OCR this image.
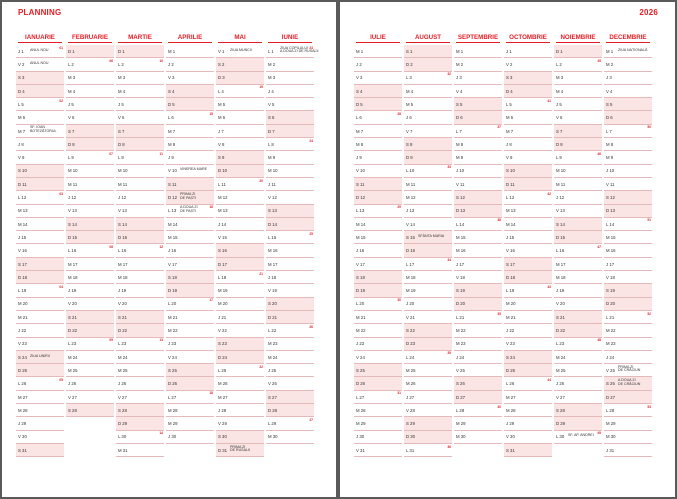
PLANNING
IANUARIE
J 1 ANUL NOU
01
V 2 ANUL NOU
S 3
D 4
L 5
02
M 6
M 7
SF. IOAN
BOTEZĂTORUL
J 8
V 9
S 10
D 11
L 12
03
M 13
M 14
J 15
V 16
S 17
D 18
L 19
04
M 20
M 21
J 22
V 23
S 24 ZIUA UNIRII
D 25
L 26
05
M 27
M 28
J 29
V 30
S 31
FEBRUARIE
D 1
L 2
06
M 3
M 4
J 5
V 6
S 7
D 8
L 9
07
M 10
M 11
J 12
V 13
S 14
D 15
L 16
08
M 17
M 18
J 19
V 20
S 21
D 22
L 23
09
M 24
M 25
J 26
V 27
S 28
MARTIE
D 1
L 2
10
M 3
M 4
J 5
V 6
S 7
D 8
L 9
11
M 10
M 11
J 12
V 13
S 14
D 15
L 16
12
M 17
M 18
J 19
V 20
S 21
D 22
L 23
13
M 24
M 25
J 26
V 27
S 28
D 29
L 30
14
M 31
APRILIE
M 1
J 2
V 3
S 4
D 5
L 6
15
M 7
M 8
J 9
V 10 VINEREA MARE
S 11
D 12
PRIMA ZI
DE PAȘTI
L 13
A DOUA ZI
DE PAȘTI
16
M 14
M 15
J 16
V 17
S 18
D 19
L 20
17
M 21
M 22
J 23
V 24
S 25
D 26
L 27
18
M 28
M 29
J 30
MAI
V 1 ZIUA MUNCII
S 2
D 3
L 4
19
M 5
M 6
J 7
V 8
S 9
D 10
L 11
20
M 12
M 13
J 14
V 15
S 16
D 17
L 18
21
M 19
M 20
J 21
V 22
S 23
D 24
L 25
22
M 26
M 27
J 28
V 29
S 30
D 31
PRIMA ZI
DE RUSALII
IUNIE
L 1
ZIUA COPILULUI
A DOUA ZI DE RUSALII
23
M 2
M 3
J 4
V 5
S 6
D 7
L 8
24
M 9
M 10
J 11
V 12
S 13
D 14
L 15
25
M 16
M 17
J 18
V 19
S 20
D 21
L 22
26
M 23
M 24
J 25
V 26
S 27
D 28
L 29
27
M 30
2026
IULIE
M 1
J 2
V 3
S 4
D 5
L 6
28
M 7
M 8
J 9
V 10
S 11
D 12
L 13
29
M 14
M 15
J 16
V 17
S 18
D 19
L 20
30
M 21
M 22
J 23
V 24
S 25
D 26
L 27
31
M 28
M 29
J 30
V 31
AUGUST
S 1
D 2
L 3
32
M 4
M 5
J 6
V 7
S 8
D 9
L 10
33
M 11
M 12
J 13
V 14
S 15 SFÂNTA MARIA
D 16
L 17
34
M 18
M 19
J 20
V 21
S 22
D 23
L 24
35
M 25
M 26
J 27
V 28
S 29
D 30
L 31
36
SEPTEMBRIE
M 1
M 2
J 3
V 4
S 5
D 6
L 7
37
M 8
M 9
J 10
V 11
S 12
D 13
L 14
38
M 15
M 16
J 17
V 18
S 19
D 20
L 21
39
M 22
M 23
J 24
V 25
S 26
D 27
L 28
40
M 29
M 30
OCTOMBRIE
J 1
V 2
S 3
D 4
L 5
41
M 6
M 7
J 8
V 9
S 10
D 11
L 12
42
M 13
M 14
J 15
V 16
S 17
D 18
L 19
43
M 20
M 21
J 22
V 23
S 24
D 25
L 26
44
M 27
M 28
J 29
V 30
S 31
NOIEMBRIE
D 1
L 2
45
M 3
M 4
J 5
V 6
S 7
D 8
L 9
46
M 10
M 11
J 12
V 13
S 14
D 15
L 16
47
M 17
M 18
J 19
V 20
S 21
D 22
L 23
48
M 24
M 25
J 26
V 27
S 28
D 29
L 30 SF. AP. ANDREI
49
DECEMBRIE
M 1 ZIUA NAȚIONALĂ
M 2
J 3
V 4
S 5
D 6
L 7
50
M 8
M 9
J 10
V 11
S 12
D 13
L 14
51
M 15
M 16
J 17
V 18
S 19
D 20
L 21
52
M 22
M 23
J 24
V 25
PRIMA ZI
DE CRĂCIUN
S 26
A DOUA ZI
DE CRĂCIUN
D 27
L 28
53
M 29
M 30
J 31
